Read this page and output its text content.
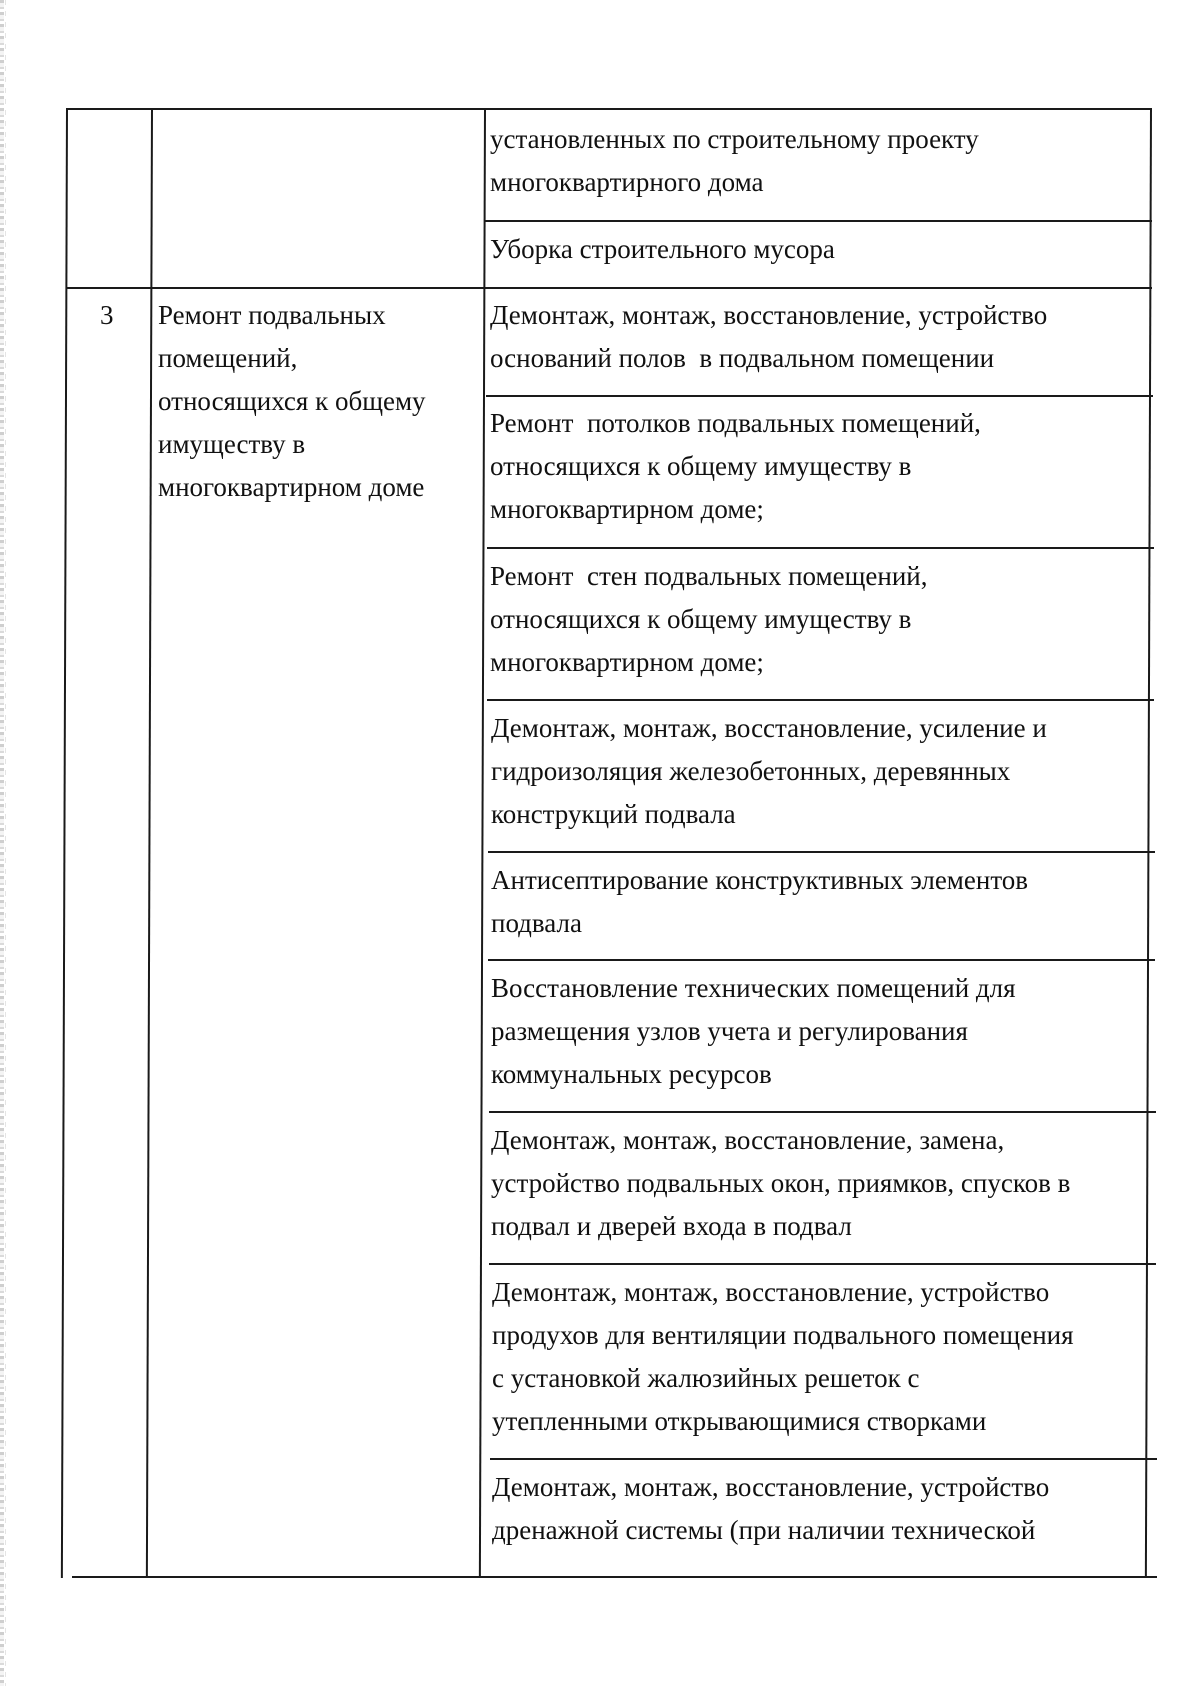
установленных по строительному проекту
многоквартирного дома
Уборка строительного мусора
3	Ремонт подвальных
помещений,
относящихся к общему
имуществу в
многоквартирном доме
Демонтаж, монтаж, восстановление, устройство
оснований полов  в подвальном помещении
Ремонт  потолков подвальных помещений,
относящихся к общему имуществу в
многоквартирном доме;
Ремонт  стен подвальных помещений,
относящихся к общему имуществу в
многоквартирном доме;
Демонтаж, монтаж, восстановление, усиление и
гидроизоляция железобетонных, деревянных
конструкций подвала
Антисептирование конструктивных элементов
подвала
Восстановление технических помещений для
размещения узлов учета и регулирования
коммунальных ресурсов
Демонтаж, монтаж, восстановление, замена,
устройство подвальных окон, приямков, спусков в
подвал и дверей входа в подвал
Демонтаж, монтаж, восстановление, устройство
продухов для вентиляции подвального помещения
с установкой жалюзийных решеток с
утепленными открывающимися створками
Демонтаж, монтаж, восстановление, устройство
дренажной системы (при наличии технической
